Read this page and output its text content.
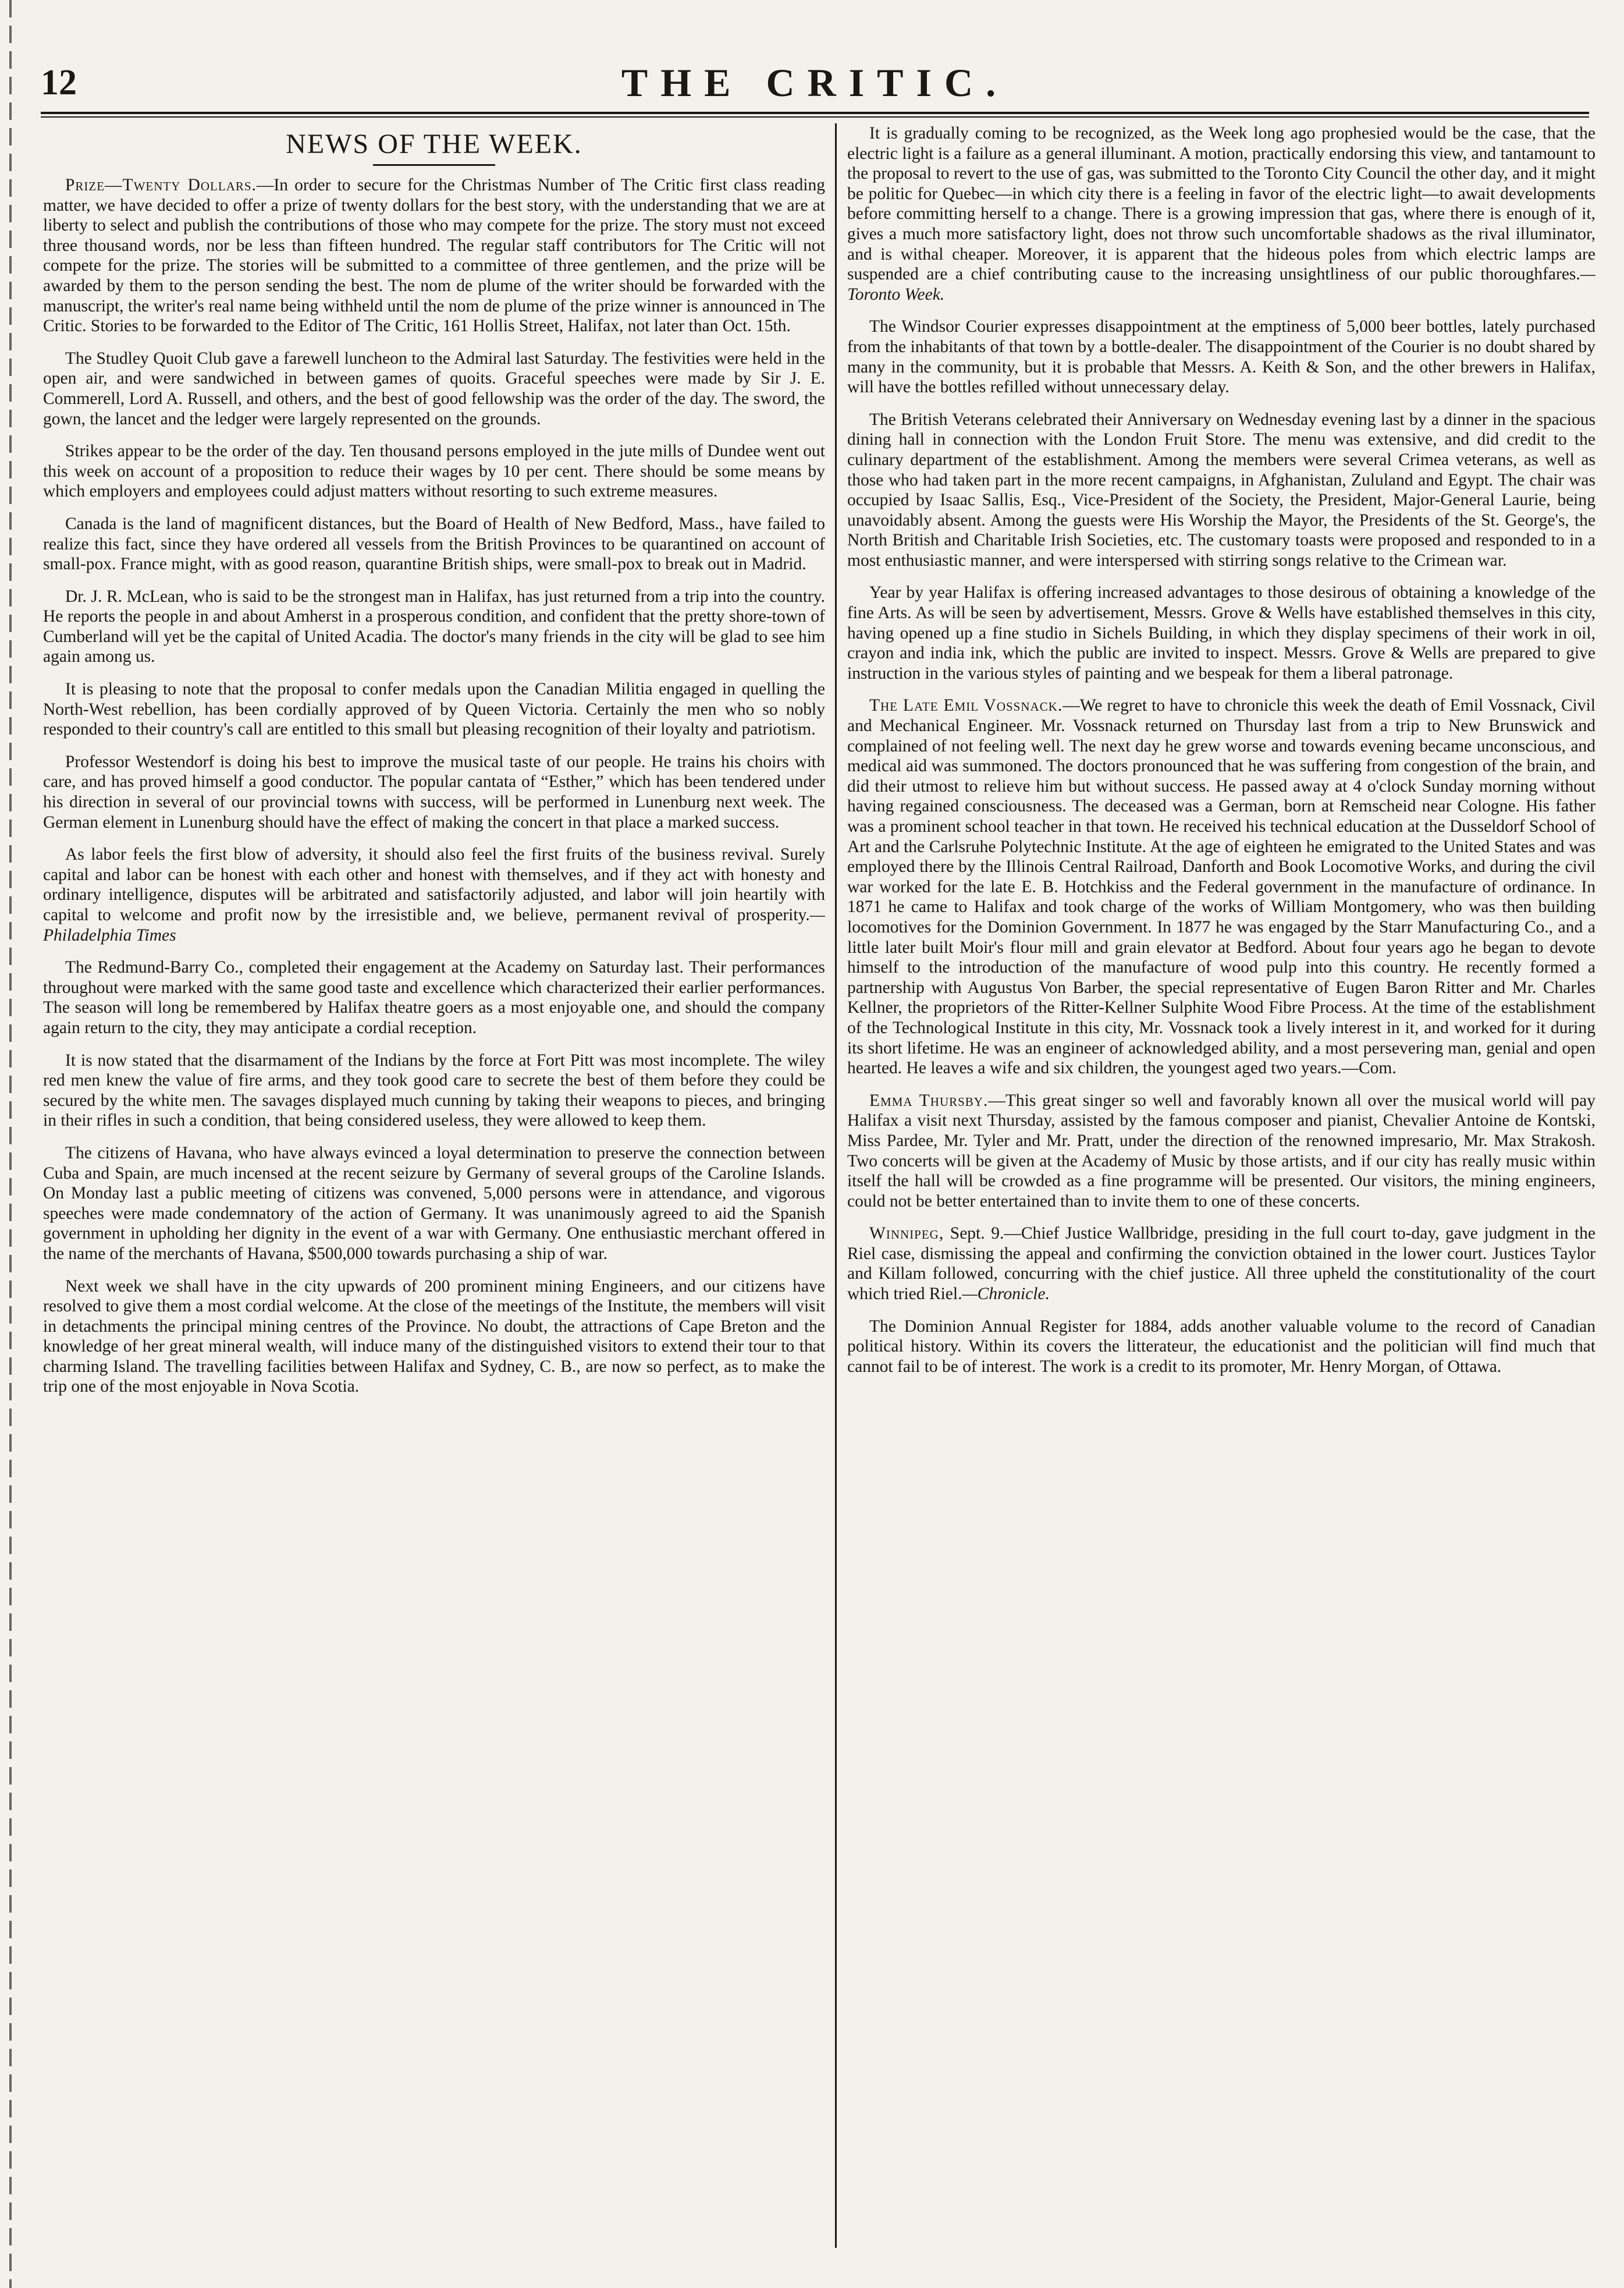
12	THE CRITIC.
NEWS OF THE WEEK.

Prize—Twenty Dollars.—In order to secure for the Christmas Number of The Critic first class reading matter, we have decided to offer a prize of twenty dollars for the best story, with the understanding that we are at liberty to select and publish the contributions of those who may compete for the prize. The story must not exceed three thousand words, nor be less than fifteen hundred. The regular staff contributors for The Critic will not compete for the prize. The stories will be submitted to a committee of three gentlemen, and the prize will be awarded by them to the person sending the best. The nom de plume of the writer should be forwarded with the manuscript, the writer's real name being withheld until the nom de plume of the prize winner is announced in The Critic. Stories to be forwarded to the Editor of The Critic, 161 Hollis Street, Halifax, not later than Oct. 15th.

The Studley Quoit Club gave a farewell luncheon to the Admiral last Saturday. The festivities were held in the open air, and were sandwiched in between games of quoits. Graceful speeches were made by Sir J. E. Commerell, Lord A. Russell, and others, and the best of good fellowship was the order of the day. The sword, the gown, the lancet and the ledger were largely represented on the grounds.

Strikes appear to be the order of the day. Ten thousand persons employed in the jute mills of Dundee went out this week on account of a proposition to reduce their wages by 10 per cent. There should be some means by which employers and employees could adjust matters without resorting to such extreme measures.

Canada is the land of magnificent distances, but the Board of Health of New Bedford, Mass., have failed to realize this fact, since they have ordered all vessels from the British Provinces to be quarantined on account of small-pox. France might, with as good reason, quarantine British ships, were small-pox to break out in Madrid.

Dr. J. R. McLean, who is said to be the strongest man in Halifax, has just returned from a trip into the country. He reports the people in and about Amherst in a prosperous condition, and confident that the pretty shore-town of Cumberland will yet be the capital of United Acadia. The doctor's many friends in the city will be glad to see him again among us.

It is pleasing to note that the proposal to confer medals upon the Canadian Militia engaged in quelling the North-West rebellion, has been cordially approved of by Queen Victoria. Certainly the men who so nobly responded to their country's call are entitled to this small but pleasing recognition of their loyalty and patriotism.

Professor Westendorf is doing his best to improve the musical taste of our people. He trains his choirs with care, and has proved himself a good conductor. The popular cantata of “Esther,” which has been tendered under his direction in several of our provincial towns with success, will be performed in Lunenburg next week. The German element in Lunenburg should have the effect of making the concert in that place a marked success.

As labor feels the first blow of adversity, it should also feel the first fruits of the business revival. Surely capital and labor can be honest with each other and honest with themselves, and if they act with honesty and ordinary intelligence, disputes will be arbitrated and satisfactorily adjusted, and labor will join heartily with capital to welcome and profit now by the irresistible and, we believe, permanent revival of prosperity.—Philadelphia Times

The Redmund-Barry Co., completed their engagement at the Academy on Saturday last. Their performances throughout were marked with the same good taste and excellence which characterized their earlier performances. The season will long be remembered by Halifax theatre goers as a most enjoyable one, and should the company again return to the city, they may anticipate a cordial reception.

It is now stated that the disarmament of the Indians by the force at Fort Pitt was most incomplete. The wiley red men knew the value of fire arms, and they took good care to secrete the best of them before they could be secured by the white men. The savages displayed much cunning by taking their weapons to pieces, and bringing in their rifles in such a condition, that being considered useless, they were allowed to keep them.

The citizens of Havana, who have always evinced a loyal determination to preserve the connection between Cuba and Spain, are much incensed at the recent seizure by Germany of several groups of the Caroline Islands. On Monday last a public meeting of citizens was convened, 5,000 persons were in attendance, and vigorous speeches were made condemnatory of the action of Germany. It was unanimously agreed to aid the Spanish government in upholding her dignity in the event of a war with Germany. One enthusiastic merchant offered in the name of the merchants of Havana, $500,000 towards purchasing a ship of war.

Next week we shall have in the city upwards of 200 prominent mining Engineers, and our citizens have resolved to give them a most cordial welcome. At the close of the meetings of the Institute, the members will visit in detachments the principal mining centres of the Province. No doubt, the attractions of Cape Breton and the knowledge of her great mineral wealth, will induce many of the distinguished visitors to extend their tour to that charming Island. The travelling facilities between Halifax and Sydney, C. B., are now so perfect, as to make the trip one of the most enjoyable in Nova Scotia.

It is gradually coming to be recognized, as the Week long ago prophesied would be the case, that the electric light is a failure as a general illuminant. A motion, practically endorsing this view, and tantamount to the proposal to revert to the use of gas, was submitted to the Toronto City Council the other day, and it might be politic for Quebec—in which city there is a feeling in favor of the electric light—to await developments before committing herself to a change. There is a growing impression that gas, where there is enough of it, gives a much more satisfactory light, does not throw such uncomfortable shadows as the rival illuminator, and is withal cheaper. Moreover, it is apparent that the hideous poles from which electric lamps are suspended are a chief contributing cause to the increasing unsightliness of our public thoroughfares.—Toronto Week.

The Windsor Courier expresses disappointment at the emptiness of 5,000 beer bottles, lately purchased from the inhabitants of that town by a bottle-dealer. The disappointment of the Courier is no doubt shared by many in the community, but it is probable that Messrs. A. Keith & Son, and the other brewers in Halifax, will have the bottles refilled without unnecessary delay.

The British Veterans celebrated their Anniversary on Wednesday evening last by a dinner in the spacious dining hall in connection with the London Fruit Store. The menu was extensive, and did credit to the culinary department of the establishment. Among the members were several Crimea veterans, as well as those who had taken part in the more recent campaigns, in Afghanistan, Zululand and Egypt. The chair was occupied by Isaac Sallis, Esq., Vice-President of the Society, the President, Major-General Laurie, being unavoidably absent. Among the guests were His Worship the Mayor, the Presidents of the St. George's, the North British and Charitable Irish Societies, etc. The customary toasts were proposed and responded to in a most enthusiastic manner, and were interspersed with stirring songs relative to the Crimean war.

Year by year Halifax is offering increased advantages to those desirous of obtaining a knowledge of the fine Arts. As will be seen by advertisement, Messrs. Grove & Wells have established themselves in this city, having opened up a fine studio in Sichels Building, in which they display specimens of their work in oil, crayon and india ink, which the public are invited to inspect. Messrs. Grove & Wells are prepared to give instruction in the various styles of painting and we bespeak for them a liberal patronage.

The Late Emil Vossnack.—We regret to have to chronicle this week the death of Emil Vossnack, Civil and Mechanical Engineer. Mr. Vossnack returned on Thursday last from a trip to New Brunswick and complained of not feeling well. The next day he grew worse and towards evening became unconscious, and medical aid was summoned. The doctors pronounced that he was suffering from congestion of the brain, and did their utmost to relieve him but without success. He passed away at 4 o'clock Sunday morning without having regained consciousness. The deceased was a German, born at Remscheid near Cologne. His father was a prominent school teacher in that town. He received his technical education at the Dusseldorf School of Art and the Carlsruhe Polytechnic Institute. At the age of eighteen he emigrated to the United States and was employed there by the Illinois Central Railroad, Danforth and Book Locomotive Works, and during the civil war worked for the late E. B. Hotchkiss and the Federal government in the manufacture of ordinance. In 1871 he came to Halifax and took charge of the works of William Montgomery, who was then building locomotives for the Dominion Government. In 1877 he was engaged by the Starr Manufacturing Co., and a little later built Moir's flour mill and grain elevator at Bedford. About four years ago he began to devote himself to the introduction of the manufacture of wood pulp into this country. He recently formed a partnership with Augustus Von Barber, the special representative of Eugen Baron Ritter and Mr. Charles Kellner, the proprietors of the Ritter-Kellner Sulphite Wood Fibre Process. At the time of the establishment of the Technological Institute in this city, Mr. Vossnack took a lively interest in it, and worked for it during its short lifetime. He was an engineer of acknowledged ability, and a most persevering man, genial and open hearted. He leaves a wife and six children, the youngest aged two years.—Com.

Emma Thursby.—This great singer so well and favorably known all over the musical world will pay Halifax a visit next Thursday, assisted by the famous composer and pianist, Chevalier Antoine de Kontski, Miss Pardee, Mr. Tyler and Mr. Pratt, under the direction of the renowned impresario, Mr. Max Strakosh. Two concerts will be given at the Academy of Music by those artists, and if our city has really music within itself the hall will be crowded as a fine programme will be presented. Our visitors, the mining engineers, could not be better entertained than to invite them to one of these concerts.

Winnipeg, Sept. 9.—Chief Justice Wallbridge, presiding in the full court to-day, gave judgment in the Riel case, dismissing the appeal and confirming the conviction obtained in the lower court. Justices Taylor and Killam followed, concurring with the chief justice. All three upheld the constitutionality of the court which tried Riel.—Chronicle.

The Dominion Annual Register for 1884, adds another valuable volume to the record of Canadian political history. Within its covers the litterateur, the educationist and the politician will find much that cannot fail to be of interest. The work is a credit to its promoter, Mr. Henry Morgan, of Ottawa.
